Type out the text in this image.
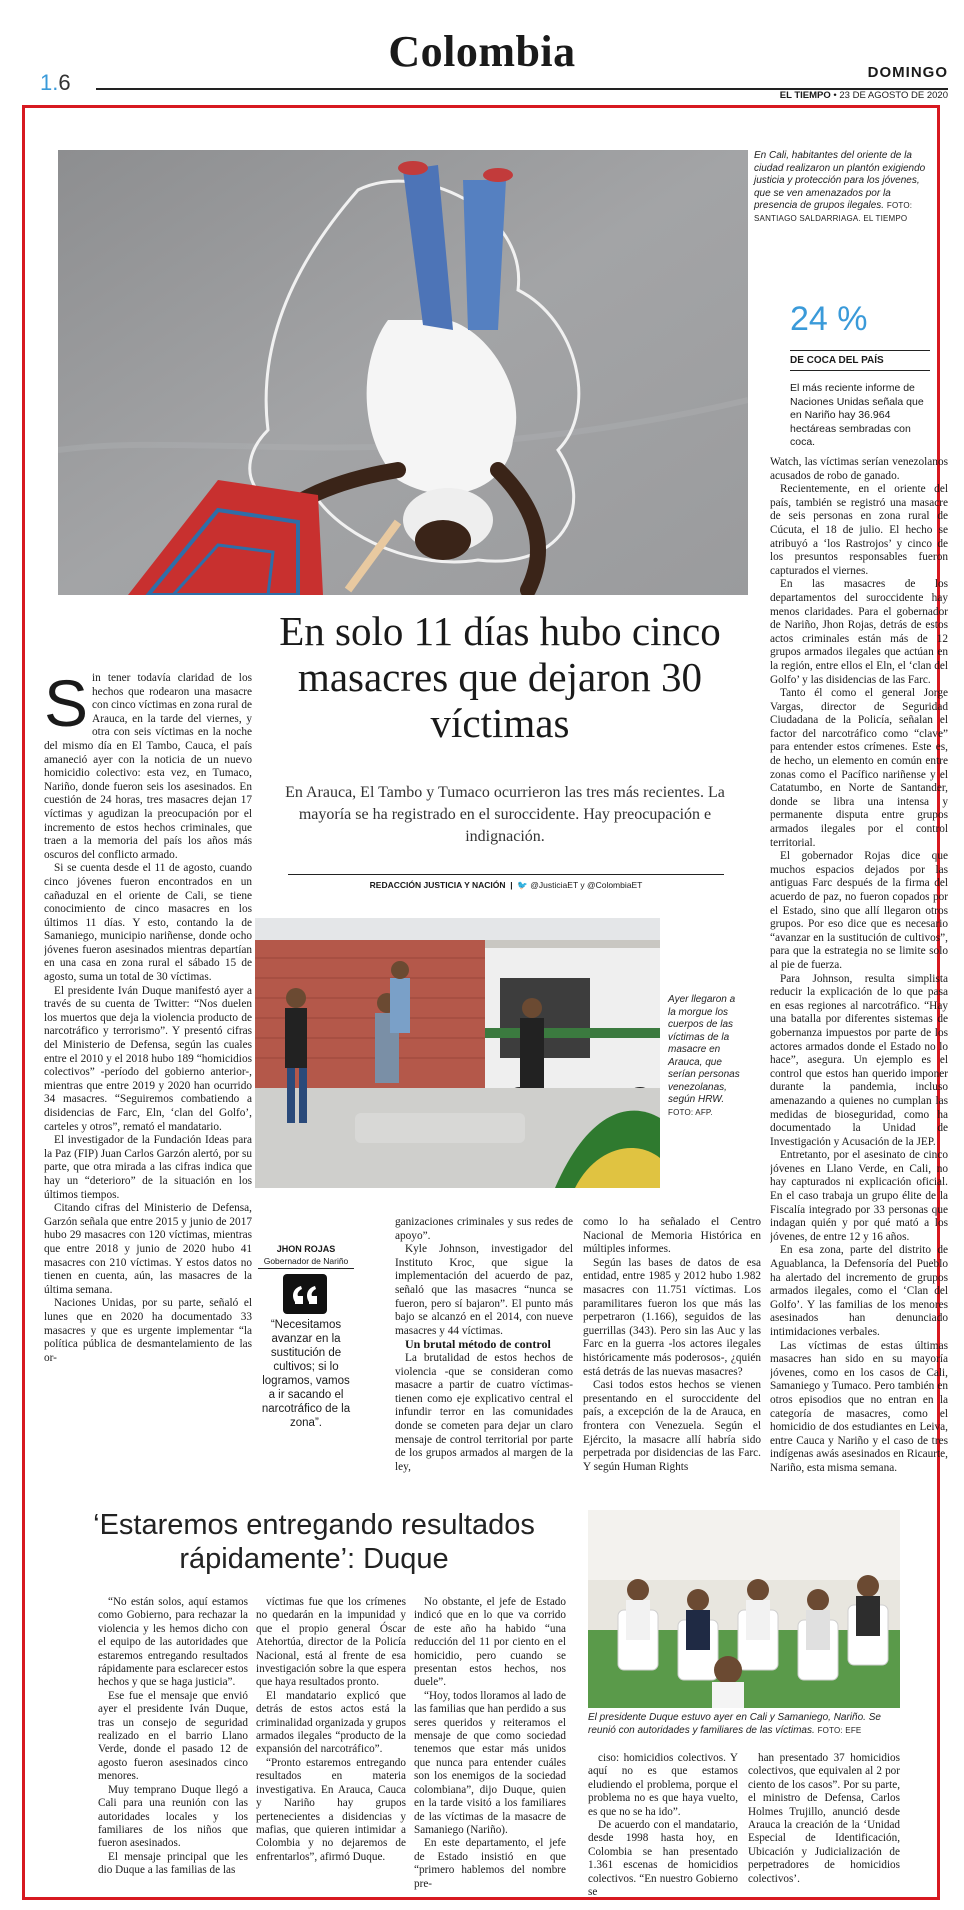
Colombia
1.6	DOMINGO
EL TIEMPO • 23 DE AGOSTO DE 2020
En Cali, habitantes del oriente de la ciudad realizaron un plantón exigiendo justicia y protección para los jóvenes, que se ven amenazados por la presencia de grupos ilegales. FOTO: SANTIAGO SALDARRIAGA. EL TIEMPO
24 %
DE COCA DEL PAÍS
El más reciente informe de Naciones Unidas señala que en Nariño hay 36.964 hectáreas sembradas con coca.
En solo 11 días hubo cinco masacres que dejaron 30 víctimas
En Arauca, El Tambo y Tumaco ocurrieron las tres más recientes. La mayoría se ha registrado en el suroccidente. Hay preocupación e indignación.
REDACCIÓN JUSTICIA Y NACIÓN  |  🐦 @JusticiaET y @ColombiaET

Sin tener todavía claridad de los hechos que rodearon una masacre con cinco víctimas en zona rural de Arauca, en la tarde del viernes, y otra con seis víctimas en la noche del mismo día en El Tambo, Cauca, el país amaneció ayer con la noticia de un nuevo homicidio colectivo: esta vez, en Tumaco, Nariño, donde fueron seis los asesinados. En cuestión de 24 horas, tres masacres dejan 17 víctimas y agudizan la preocupación por el incremento de estos hechos criminales, que traen a la memoria del país los años más oscuros del conflicto armado.

Si se cuenta desde el 11 de agosto, cuando cinco jóvenes fueron encontrados en un cañaduzal en el oriente de Cali, se tiene conocimiento de cinco masacres en los últimos 11 días. Y esto, contando la de Samaniego, municipio nariñense, donde ocho jóvenes fueron asesinados mientras departían en una casa en zona rural el sábado 15 de agosto, suma un total de 30 víctimas.

El presidente Iván Duque manifestó ayer a través de su cuenta de Twitter: “Nos duelen los muertos que deja la violencia producto de narcotráfico y terrorismo”. Y presentó cifras del Ministerio de Defensa, según las cuales entre el 2010 y el 2018 hubo 189 “homicidios colectivos” -período del gobierno anterior-, mientras que entre 2019 y 2020 han ocurrido 34 masacres. “Seguiremos combatiendo a disidencias de Farc, Eln, ‘clan del Golfo’, carteles y otros”, remató el mandatario.

El investigador de la Fundación Ideas para la Paz (FIP) Juan Carlos Garzón alertó, por su parte, que otra mirada a las cifras indica que hay un “deterioro” de la situación en los últimos tiempos.

Citando cifras del Ministerio de Defensa, Garzón señala que entre 2015 y junio de 2017 hubo 29 masacres con 120 víctimas, mientras que entre 2018 y junio de 2020 hubo 41 masacres con 210 víctimas. Y estos datos no tienen en cuenta, aún, las masacres de la última semana.

Naciones Unidas, por su parte, señaló el lunes que en 2020 ha documentado 33 masacres y que es urgente implementar “la política pública de desmantelamiento de las or-

Ayer llegaron a la morgue los cuerpos de las víctimas de la masacre en Arauca, que serían personas venezolanas, según HRW. FOTO: AFP.
JHON ROJAS
Gobernador de Nariño
“Necesitamos avanzar en la sustitución de cultivos; si lo logramos, vamos a ir sacando el narcotráfico de la zona”.

ganizaciones criminales y sus redes de apoyo”.

Kyle Johnson, investigador del Instituto Kroc, que sigue la implementación del acuerdo de paz, señaló que las masacres “nunca se fueron, pero sí bajaron”. El punto más bajo se alcanzó en el 2014, con nueve masacres y 44 víctimas.

Un brutal método de control

La brutalidad de estos hechos de violencia -que se consideran como masacre a partir de cuatro víctimas- tienen como eje explicativo central el infundir terror en las comunidades donde se cometen para dejar un claro mensaje de control territorial por parte de los grupos armados al margen de la ley,

como lo ha señalado el Centro Nacional de Memoria Histórica en múltiples informes.

Según las bases de datos de esa entidad, entre 1985 y 2012 hubo 1.982 masacres con 11.751 víctimas. Los paramilitares fueron los que más las perpetraron (1.166), seguidos de las guerrillas (343). Pero sin las Auc y las Farc en la guerra -los actores ilegales históricamente más poderosos-, ¿quién está detrás de las nuevas masacres?

Casi todos estos hechos se vienen presentando en el suroccidente del país, a excepción de la de Arauca, en frontera con Venezuela. Según el Ejército, la masacre allí habría sido perpetrada por disidencias de las Farc. Y según Human Rights

Watch, las víctimas serían venezolanos acusados de robo de ganado.

Recientemente, en el oriente del país, también se registró una masacre de seis personas en zona rural de Cúcuta, el 18 de julio. El hecho se atribuyó a ‘los Rastrojos’ y cinco de los presuntos responsables fueron capturados el viernes.

En las masacres de los departamentos del suroccidente hay menos claridades. Para el gobernador de Nariño, Jhon Rojas, detrás de estos actos criminales están más de 12 grupos armados ilegales que actúan en la región, entre ellos el Eln, el ‘clan del Golfo’ y las disidencias de las Farc.

Tanto él como el general Jorge Vargas, director de Seguridad Ciudadana de la Policía, señalan el factor del narcotráfico como “clave” para entender estos crímenes. Este es, de hecho, un elemento en común entre zonas como el Pacífico nariñense y el Catatumbo, en Norte de Santander, donde se libra una intensa y permanente disputa entre grupos armados ilegales por el control territorial.

El gobernador Rojas dice que muchos espacios dejados por las antiguas Farc después de la firma del acuerdo de paz, no fueron copados por el Estado, sino que allí llegaron otros grupos. Por eso dice que es necesario “avanzar en la sustitución de cultivos”, para que la estrategia no se limite solo al pie de fuerza.

Para Johnson, resulta simplista reducir la explicación de lo que pasa en esas regiones al narcotráfico. “Hay una batalla por diferentes sistemas de gobernanza impuestos por parte de los actores armados donde el Estado no lo hace”, asegura. Un ejemplo es el control que estos han querido imponer durante la pandemia, incluso amenazando a quienes no cumplan las medidas de bioseguridad, como ha documentado la Unidad de Investigación y Acusación de la JEP.

Entretanto, por el asesinato de cinco jóvenes en Llano Verde, en Cali, no hay capturados ni explicación oficial. En el caso trabaja un grupo élite de la Fiscalía integrado por 33 personas que indagan quién y por qué mató a los jóvenes, de entre 12 y 16 años.

En esa zona, parte del distrito de Aguablanca, la Defensoría del Pueblo ha alertado del incremento de grupos armados ilegales, como el ‘Clan del Golfo’. Y las familias de los menores asesinados han denunciado intimidaciones verbales.

Las víctimas de estas últimas masacres han sido en su mayoría jóvenes, como en los casos de Cali, Samaniego y Tumaco. Pero también en otros episodios que no entran en la categoría de masacres, como el homicidio de dos estudiantes en Leiva, entre Cauca y Nariño y el caso de tres indígenas awás asesinados en Ricaurte, Nariño, esta misma semana.

‘Estaremos entregando resultados rápidamente’: Duque

“No están solos, aquí estamos como Gobierno, para rechazar la violencia y les hemos dicho con el equipo de las autoridades que estaremos entregando resultados rápidamente para esclarecer estos hechos y que se haga justicia”.

Ese fue el mensaje que envió ayer el presidente Iván Duque, tras un consejo de seguridad realizado en el barrio Llano Verde, donde el pasado 12 de agosto fueron asesinados cinco menores.

Muy temprano Duque llegó a Cali para una reunión con las autoridades locales y los familiares de los niños que fueron asesinados.

El mensaje principal que les dio Duque a las familias de las

víctimas fue que los crímenes no quedarán en la impunidad y que el propio general Óscar Atehortúa, director de la Policía Nacional, está al frente de esa investigación sobre la que espera que haya resultados pronto.

El mandatario explicó que detrás de estos actos está la criminalidad organizada y grupos armados ilegales “producto de la expansión del narcotráfico”.

“Pronto estaremos entregando resultados en materia investigativa. En Arauca, Cauca y Nariño hay grupos pertenecientes a disidencias y mafias, que quieren intimidar a Colombia y no dejaremos de enfrentarlos”, afirmó Duque.

No obstante, el jefe de Estado indicó que en lo que va corrido de este año ha habido “una reducción del 11 por ciento en el homicidio, pero cuando se presentan estos hechos, nos duele”.

“Hoy, todos lloramos al lado de las familias que han perdido a sus seres queridos y reiteramos el mensaje de que como sociedad tenemos que estar más unidos que nunca para entender cuáles son los enemigos de la sociedad colombiana”, dijo Duque, quien en la tarde visitó a los familiares de las víctimas de la masacre de Samaniego (Nariño).

En este departamento, el jefe de Estado insistió en que “primero hablemos del nombre pre-

El presidente Duque estuvo ayer en Cali y Samaniego, Nariño. Se reunió con autoridades y familiares de las víctimas. FOTO: EFE

ciso: homicidios colectivos. Y aquí no es que estamos eludiendo el problema, porque el problema no es que haya vuelto, es que no se ha ido”.

De acuerdo con el mandatario, desde 1998 hasta hoy, en Colombia se han presentado 1.361 escenas de homicidios colectivos. “En nuestro Gobierno se

han presentado 37 homicidios colectivos, que equivalen al 2 por ciento de los casos”. Por su parte, el ministro de Defensa, Carlos Holmes Trujillo, anunció desde Arauca la creación de la ‘Unidad Especial de Identificación, Ubicación y Judicialización de perpetradores de homicidios colectivos’.
